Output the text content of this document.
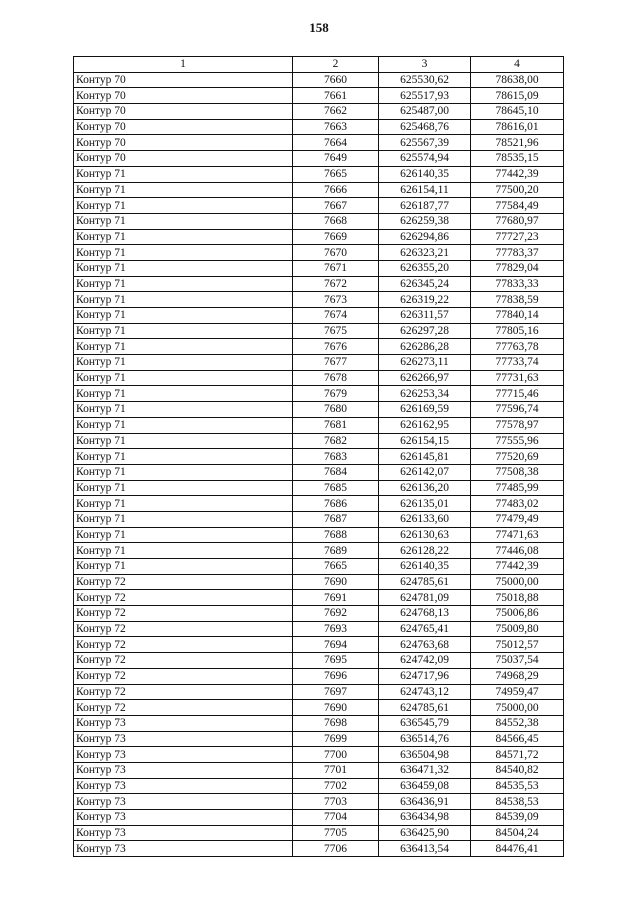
158
1	2	3	4
Контур 70	7660	625530,62	78638,00
Контур 70	7661	625517,93	78615,09
Контур 70	7662	625487,00	78645,10
Контур 70	7663	625468,76	78616,01
Контур 70	7664	625567,39	78521,96
Контур 70	7649	625574,94	78535,15
Контур 71	7665	626140,35	77442,39
Контур 71	7666	626154,11	77500,20
Контур 71	7667	626187,77	77584,49
Контур 71	7668	626259,38	77680,97
Контур 71	7669	626294,86	77727,23
Контур 71	7670	626323,21	77783,37
Контур 71	7671	626355,20	77829,04
Контур 71	7672	626345,24	77833,33
Контур 71	7673	626319,22	77838,59
Контур 71	7674	626311,57	77840,14
Контур 71	7675	626297,28	77805,16
Контур 71	7676	626286,28	77763,78
Контур 71	7677	626273,11	77733,74
Контур 71	7678	626266,97	77731,63
Контур 71	7679	626253,34	77715,46
Контур 71	7680	626169,59	77596,74
Контур 71	7681	626162,95	77578,97
Контур 71	7682	626154,15	77555,96
Контур 71	7683	626145,81	77520,69
Контур 71	7684	626142,07	77508,38
Контур 71	7685	626136,20	77485,99
Контур 71	7686	626135,01	77483,02
Контур 71	7687	626133,60	77479,49
Контур 71	7688	626130,63	77471,63
Контур 71	7689	626128,22	77446,08
Контур 71	7665	626140,35	77442,39
Контур 72	7690	624785,61	75000,00
Контур 72	7691	624781,09	75018,88
Контур 72	7692	624768,13	75006,86
Контур 72	7693	624765,41	75009,80
Контур 72	7694	624763,68	75012,57
Контур 72	7695	624742,09	75037,54
Контур 72	7696	624717,96	74968,29
Контур 72	7697	624743,12	74959,47
Контур 72	7690	624785,61	75000,00
Контур 73	7698	636545,79	84552,38
Контур 73	7699	636514,76	84566,45
Контур 73	7700	636504,98	84571,72
Контур 73	7701	636471,32	84540,82
Контур 73	7702	636459,08	84535,53
Контур 73	7703	636436,91	84538,53
Контур 73	7704	636434,98	84539,09
Контур 73	7705	636425,90	84504,24
Контур 73	7706	636413,54	84476,41
